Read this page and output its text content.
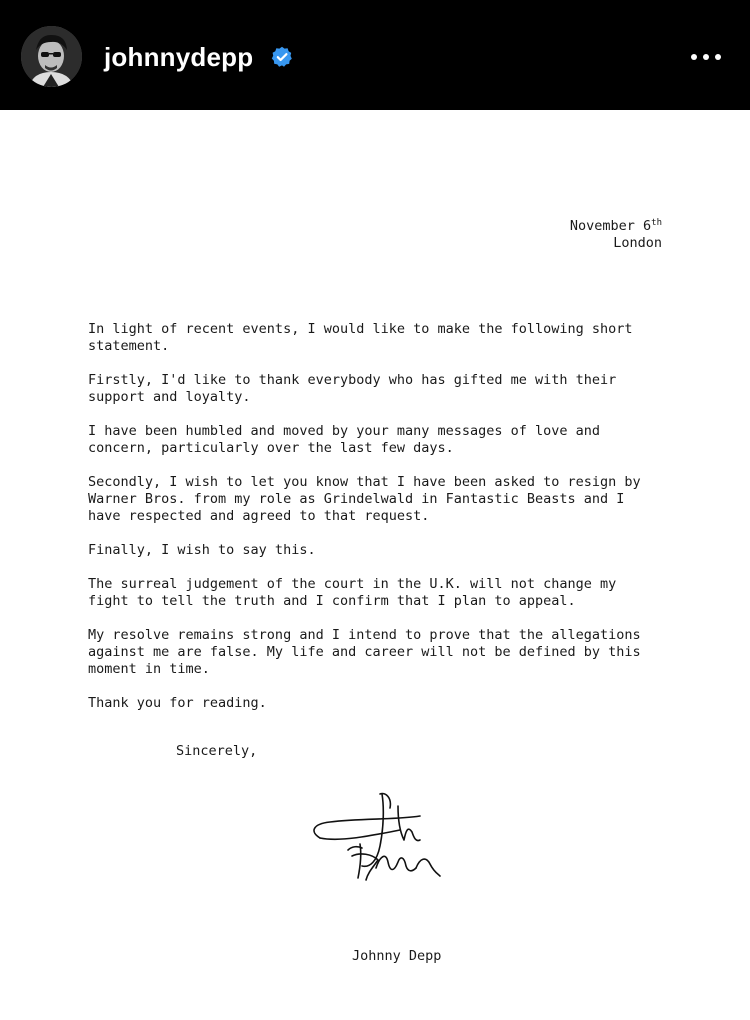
johnnydepp
November 6th
London

In light of recent events, I would like to make the following short
statement.

Firstly, I'd like to thank everybody who has gifted me with their
support and loyalty.

I have been humbled and moved by your many messages of love and
concern, particularly over the last few days.

Secondly, I wish to let you know that I have been asked to resign by
Warner Bros. from my role as Grindelwald in Fantastic Beasts and I
have respected and agreed to that request.

Finally, I wish to say this.

The surreal judgement of the court in the U.K. will not change my
fight to tell the truth and I confirm that I plan to appeal.

My resolve remains strong and I intend to prove that the allegations
against me are false. My life and career will not be defined by this
moment in time.

Thank you for reading.

Sincerely,
Johnny Depp
